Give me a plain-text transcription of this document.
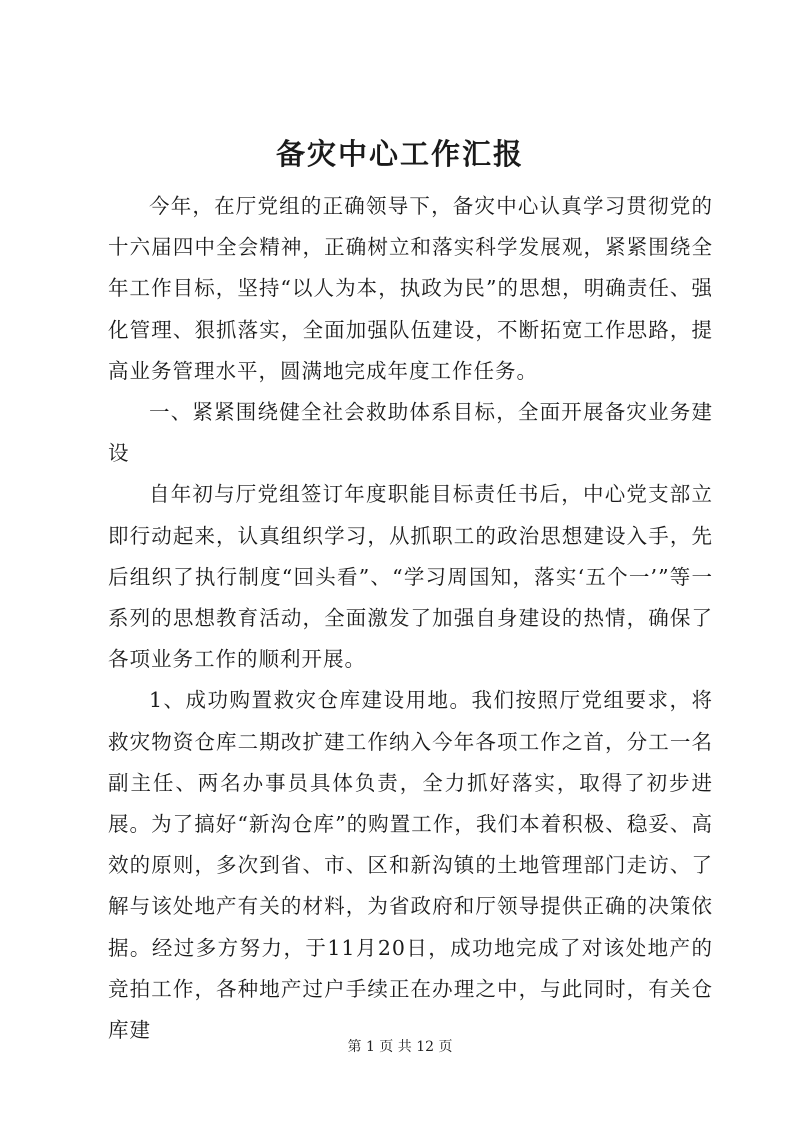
备灾中心工作汇报

今年，在厅党组的正确领导下，备灾中心认真学习贯彻党的十六届四中全会精神，正确树立和落实科学发展观，紧紧围绕全年工作目标，坚持“以人为本，执政为民”的思想，明确责任、强化管理、狠抓落实，全面加强队伍建设，不断拓宽工作思路，提高业务管理水平，圆满地完成年度工作任务。

一、紧紧围绕健全社会救助体系目标，全面开展备灾业务建设

自年初与厅党组签订年度职能目标责任书后，中心党支部立即行动起来，认真组织学习，从抓职工的政治思想建设入手，先后组织了执行制度“回头看”、“学习周国知，落实‘五个一’”等一系列的思想教育活动，全面激发了加强自身建设的热情，确保了各项业务工作的顺利开展。

1、成功购置救灾仓库建设用地。我们按照厅党组要求，将救灾物资仓库二期改扩建工作纳入今年各项工作之首，分工一名副主任、两名办事员具体负责，全力抓好落实，取得了初步进展。为了搞好“新沟仓库”的购置工作，我们本着积极、稳妥、高效的原则，多次到省、市、区和新沟镇的土地管理部门走访、了解与该处地产有关的材料，为省政府和厅领导提供正确的决策依据。经过多方努力，于11月20日，成功地完成了对该处地产的竞拍工作，各种地产过户手续正在办理之中，与此同时，有关仓库建

第 1 页 共 12 页
